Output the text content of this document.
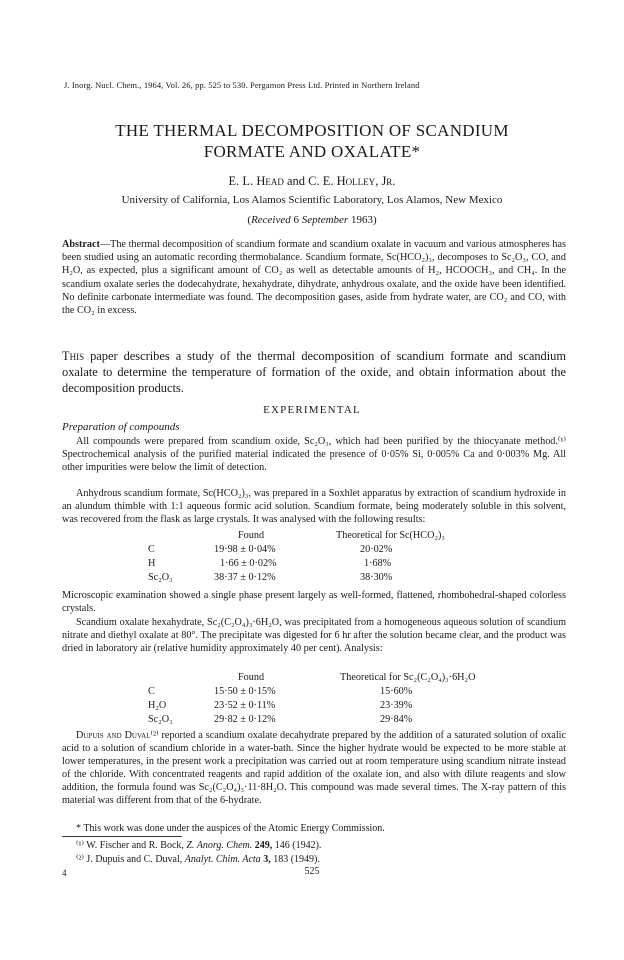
J. Inorg. Nucl. Chem., 1964, Vol. 26, pp. 525 to 530. Pergamon Press Ltd. Printed in Northern Ireland
THE THERMAL DECOMPOSITION OF SCANDIUM
FORMATE AND OXALATE*
E. L. Head and C. E. Holley, Jr.
University of California, Los Alamos Scientific Laboratory, Los Alamos, New Mexico
(Received 6 September 1963)
Abstract—The thermal decomposition of scandium formate and scandium oxalate in vacuum and various atmospheres has been studied using an automatic recording thermobalance. Scandium formate, Sc(HCO₂)₃, decomposes to Sc₂O₃, CO, and H₂O, as expected, plus a significant amount of CO₂ as well as detectable amounts of H₂, HCOOCH₃, and CH₄. In the scandium oxalate series the dodecahydrate, hexahydrate, dihydrate, anhydrous oxalate, and the oxide have been identified. No definite carbonate intermediate was found. The decomposition gases, aside from hydrate water, are CO₂ and CO, with the CO₂ in excess.
This paper describes a study of the thermal decomposition of scandium formate and scandium oxalate to determine the temperature of formation of the oxide, and obtain information about the decomposition products.
EXPERIMENTAL
Preparation of compounds
All compounds were prepared from scandium oxide, Sc₂O₃, which had been purified by the thiocyanate method.⁽¹⁾ Spectrochemical analysis of the purified material indicated the presence of 0·05% Si, 0·005% Ca and 0·003% Mg. All other impurities were below the limit of detection.
Anhydrous scandium formate, Sc(HCO₂)₃, was prepared in a Soxhlet apparatus by extraction of scandium hydroxide in an alundum thimble with 1:1 aqueous formic acid solution. Scandium formate, being moderately soluble in this solvent, was recovered from the flask as large crystals. It was analysed with the following results:
Found	Theoretical for Sc(HCO₂)₃
C	19·98 ± 0·04%	20·02%
H	1·66 ± 0·02%	1·68%
Sc₂O₃	38·37 ± 0·12%	38·30%
Microscopic examination showed a single phase present largely as well-formed, flattened, rhombohedral-shaped colorless crystals.
Scandium oxalate hexahydrate, Sc₂(C₂O₄)₃·6H₂O, was precipitated from a homogeneous aqueous solution of scandium nitrate and diethyl oxalate at 80°. The precipitate was digested for 6 hr after the solution became clear, and the product was dried in laboratory air (relative humidity approximately 40 per cent). Analysis:
Found	Theoretical for Sc₂(C₂O₄)₃·6H₂O
C	15·50 ± 0·15%	15·60%
H₂O	23·52 ± 0·11%	23·39%
Sc₂O₃	29·82 ± 0·12%	29·84%
Dupuis and Duval⁽²⁾ reported a scandium oxalate decahydrate prepared by the addition of a saturated solution of oxalic acid to a solution of scandium chloride in a water-bath. Since the higher hydrate would be expected to be more stable at lower temperatures, in the present work a precipitation was carried out at room temperature using scandium nitrate instead of the chloride. With concentrated reagents and rapid addition of the oxalate ion, and also with dilute reagents and slow addition, the formula found was Sc₂(C₂O₄)₃·11·8H₂O. This compound was made several times. The X-ray pattern of this material was different from that of the 6-hydrate.
* This work was done under the auspices of the Atomic Energy Commission.
⁽¹⁾ W. Fischer and R. Bock, Z. Anorg. Chem. 249, 146 (1942).
⁽²⁾ J. Dupuis and C. Duval, Analyt. Chim. Acta 3, 183 (1949).
4	525
